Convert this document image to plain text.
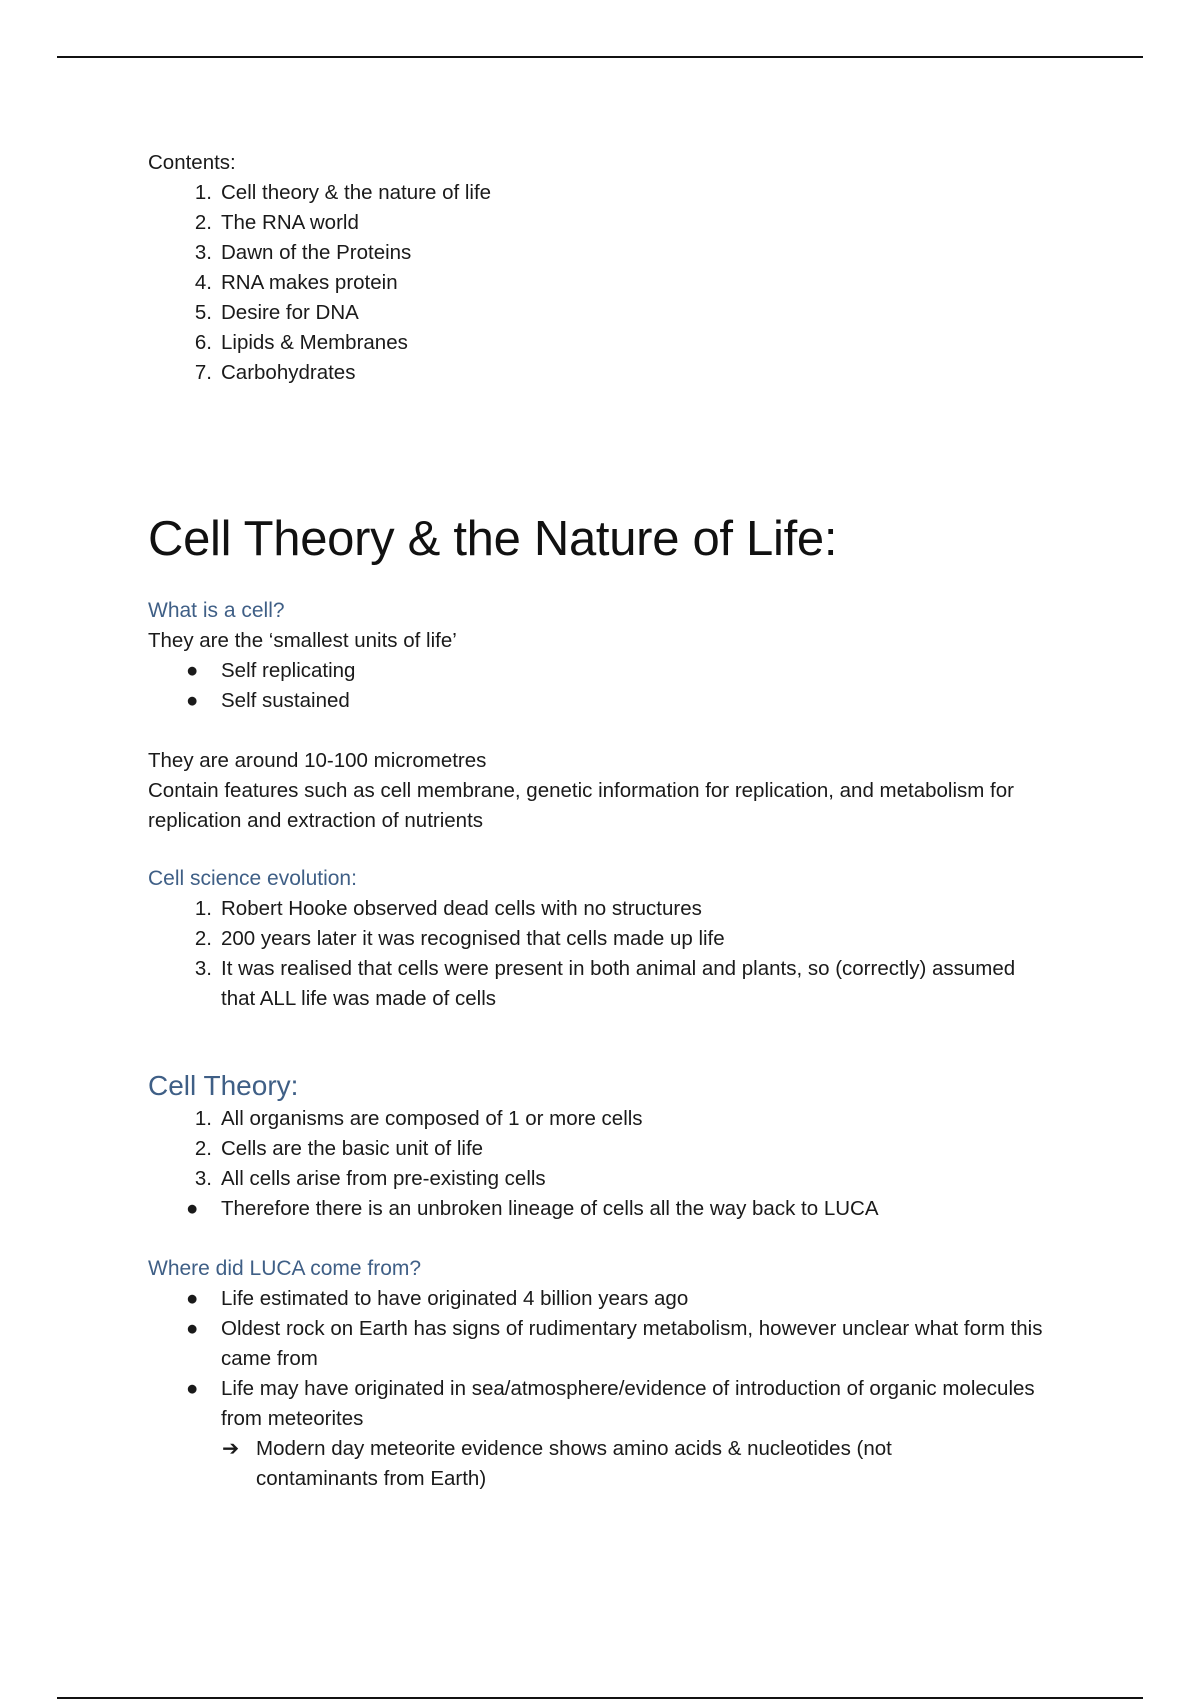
Contents:

1. Cell theory & the nature of life
2. The RNA world
3. Dawn of the Proteins
4. RNA makes protein
5. Desire for DNA
6. Lipids & Membranes
7. Carbohydrates
Cell Theory & the Nature of Life:

What is a cell?

They are the ‘smallest units of life’

● Self replicating
● Self sustained

They are around 10-100 micrometres

Contain features such as cell membrane, genetic information for replication, and metabolism for replication and extraction of nutrients

Cell science evolution:

1. Robert Hooke observed dead cells with no structures
2. 200 years later it was recognised that cells made up life
3. It was realised that cells were present in both animal and plants, so (correctly) assumed that ALL life was made of cells

Cell Theory:

1. All organisms are composed of 1 or more cells
2. Cells are the basic unit of life
3. All cells arise from pre-existing cells
● Therefore there is an unbroken lineage of cells all the way back to LUCA

Where did LUCA come from?

● Life estimated to have originated 4 billion years ago
● Oldest rock on Earth has signs of rudimentary metabolism, however unclear what form this came from
● Life may have originated in sea/atmosphere/evidence of introduction of organic molecules from meteorites
➔ Modern day meteorite evidence shows amino acids & nucleotides (not contaminants from Earth)
